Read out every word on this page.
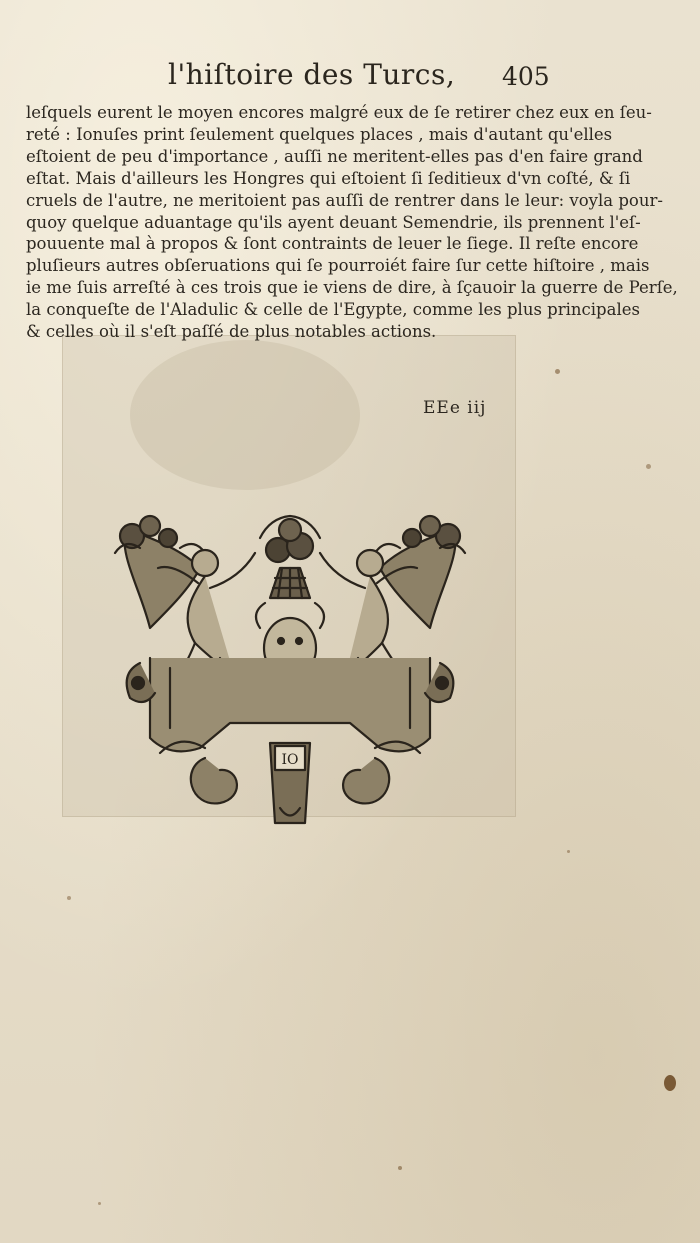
l'hiſtoire des Turcs, 405

leſquels eurent le moyen encores malgré eux de ſe retirer chez eux en ſeu-

reté : Ionuſes print ſeulement quelques places , mais d'autant qu'elles

eſtoient de peu d'importance , auſſi ne meritent-elles pas d'en faire grand

eſtat. Mais d'ailleurs les Hongres qui eſtoient ſi ſeditieux d'vn coſté, & ſi

cruels de l'autre, ne meritoient pas auſſi de rentrer dans le leur: voyla pour-

quoy quelque aduantage qu'ils ayent deuant Semendrie, ils prennent l'eſ-

pouuente mal à propos & ſont contraints de leuer le ſiege. Il reſte encore

pluſieurs autres obſeruations qui ſe pourroiét faire ſur cette hiſtoire , mais

ie me ſuis arreſté à ces trois que ie viens de dire, à ſçauoir la guerre de Perſe,

la conqueſte de l'Aladulic & celle de l'Egypte, comme les plus principales

& celles où il s'eſt paſſé de plus notables actions.

EEe iij
IO
